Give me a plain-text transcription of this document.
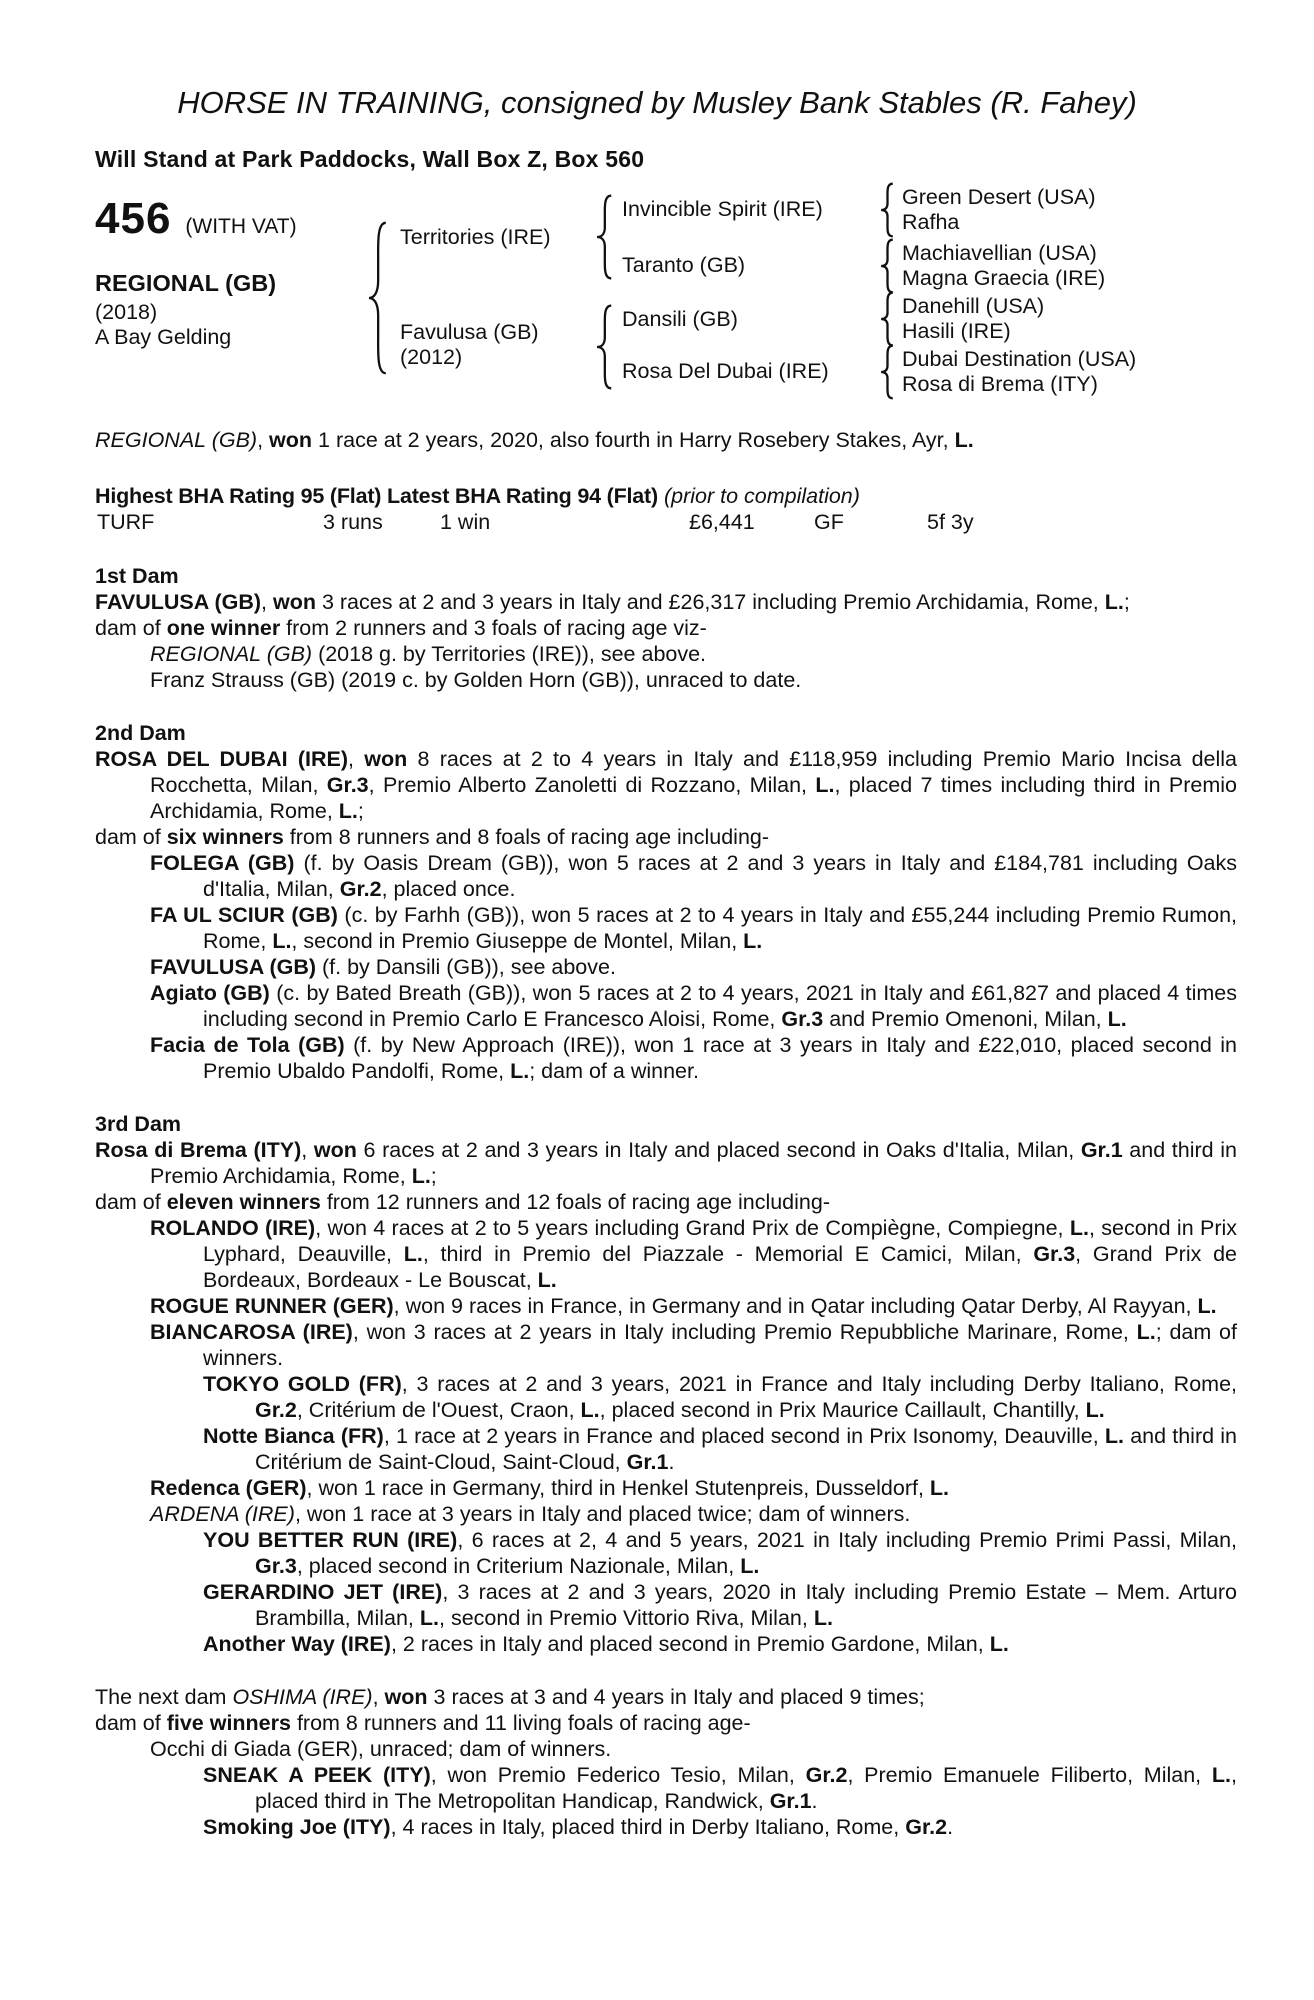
HORSE IN TRAINING, consigned by Musley Bank Stables (R. Fahey)
Will Stand at Park Paddocks, Wall Box Z, Box 560
456 (WITH VAT)
REGIONAL (GB)
(2018)
A Bay Gelding
Territories (IRE)
Favulusa (GB)
(2012)
Invincible Spirit (IRE)
Taranto (GB)
Dansili (GB)
Rosa Del Dubai (IRE)
Green Desert (USA)
Rafha
Machiavellian (USA)
Magna Graecia (IRE)
Danehill (USA)
Hasili (IRE)
Dubai Destination (USA)
Rosa di Brema (ITY)

REGIONAL (GB), won 1 race at 2 years, 2020, also fourth in Harry Rosebery Stakes, Ayr, L.

Highest BHA Rating 95 (Flat) Latest BHA Rating 94 (Flat) (prior to compilation)

TURF	3 runs	1 win	£6,441	GF	5f 3y
1st Dam

FAVULUSA (GB), won 3 races at 2 and 3 years in Italy and £26,317 including Premio Archidamia, Rome, L.;

dam of one winner from 2 runners and 3 foals of racing age viz-

REGIONAL (GB) (2018 g. by Territories (IRE)), see above.

Franz Strauss (GB) (2019 c. by Golden Horn (GB)), unraced to date.

2nd Dam

ROSA DEL DUBAI (IRE), won 8 races at 2 to 4 years in Italy and £118,959 including Premio Mario Incisa della Rocchetta, Milan, Gr.3, Premio Alberto Zanoletti di Rozzano, Milan, L., placed 7 times including third in Premio Archidamia, Rome, L.;

dam of six winners from 8 runners and 8 foals of racing age including-

FOLEGA (GB) (f. by Oasis Dream (GB)), won 5 races at 2 and 3 years in Italy and £184,781 including Oaks d'Italia, Milan, Gr.2, placed once.

FA UL SCIUR (GB) (c. by Farhh (GB)), won 5 races at 2 to 4 years in Italy and £55,244 including Premio Rumon, Rome, L., second in Premio Giuseppe de Montel, Milan, L.

FAVULUSA (GB) (f. by Dansili (GB)), see above.

Agiato (GB) (c. by Bated Breath (GB)), won 5 races at 2 to 4 years, 2021 in Italy and £61,827 and placed 4 times including second in Premio Carlo E Francesco Aloisi, Rome, Gr.3 and Premio Omenoni, Milan, L.

Facia de Tola (GB) (f. by New Approach (IRE)), won 1 race at 3 years in Italy and £22,010, placed second in Premio Ubaldo Pandolfi, Rome, L.; dam of a winner.

3rd Dam

Rosa di Brema (ITY), won 6 races at 2 and 3 years in Italy and placed second in Oaks d'Italia, Milan, Gr.1 and third in Premio Archidamia, Rome, L.;

dam of eleven winners from 12 runners and 12 foals of racing age including-

ROLANDO (IRE), won 4 races at 2 to 5 years including Grand Prix de Compiègne, Compiegne, L., second in Prix Lyphard, Deauville, L., third in Premio del Piazzale - Memorial E Camici, Milan, Gr.3, Grand Prix de Bordeaux, Bordeaux - Le Bouscat, L.

ROGUE RUNNER (GER), won 9 races in France, in Germany and in Qatar including Qatar Derby, Al Rayyan, L.

BIANCAROSA (IRE), won 3 races at 2 years in Italy including Premio Repubbliche Marinare, Rome, L.; dam of winners.

TOKYO GOLD (FR), 3 races at 2 and 3 years, 2021 in France and Italy including Derby Italiano, Rome, Gr.2, Critérium de l'Ouest, Craon, L., placed second in Prix Maurice Caillault, Chantilly, L.

Notte Bianca (FR), 1 race at 2 years in France and placed second in Prix Isonomy, Deauville, L. and third in Critérium de Saint-Cloud, Saint-Cloud, Gr.1.

Redenca (GER), won 1 race in Germany, third in Henkel Stutenpreis, Dusseldorf, L.

ARDENA (IRE), won 1 race at 3 years in Italy and placed twice; dam of winners.

YOU BETTER RUN (IRE), 6 races at 2, 4 and 5 years, 2021 in Italy including Premio Primi Passi, Milan, Gr.3, placed second in Criterium Nazionale, Milan, L.

GERARDINO JET (IRE), 3 races at 2 and 3 years, 2020 in Italy including Premio Estate – Mem. Arturo Brambilla, Milan, L., second in Premio Vittorio Riva, Milan, L.

Another Way (IRE), 2 races in Italy and placed second in Premio Gardone, Milan, L.

The next dam OSHIMA (IRE), won 3 races at 3 and 4 years in Italy and placed 9 times;

dam of five winners from 8 runners and 11 living foals of racing age-

Occhi di Giada (GER), unraced; dam of winners.

SNEAK A PEEK (ITY), won Premio Federico Tesio, Milan, Gr.2, Premio Emanuele Filiberto, Milan, L., placed third in The Metropolitan Handicap, Randwick, Gr.1.

Smoking Joe (ITY), 4 races in Italy, placed third in Derby Italiano, Rome, Gr.2.
